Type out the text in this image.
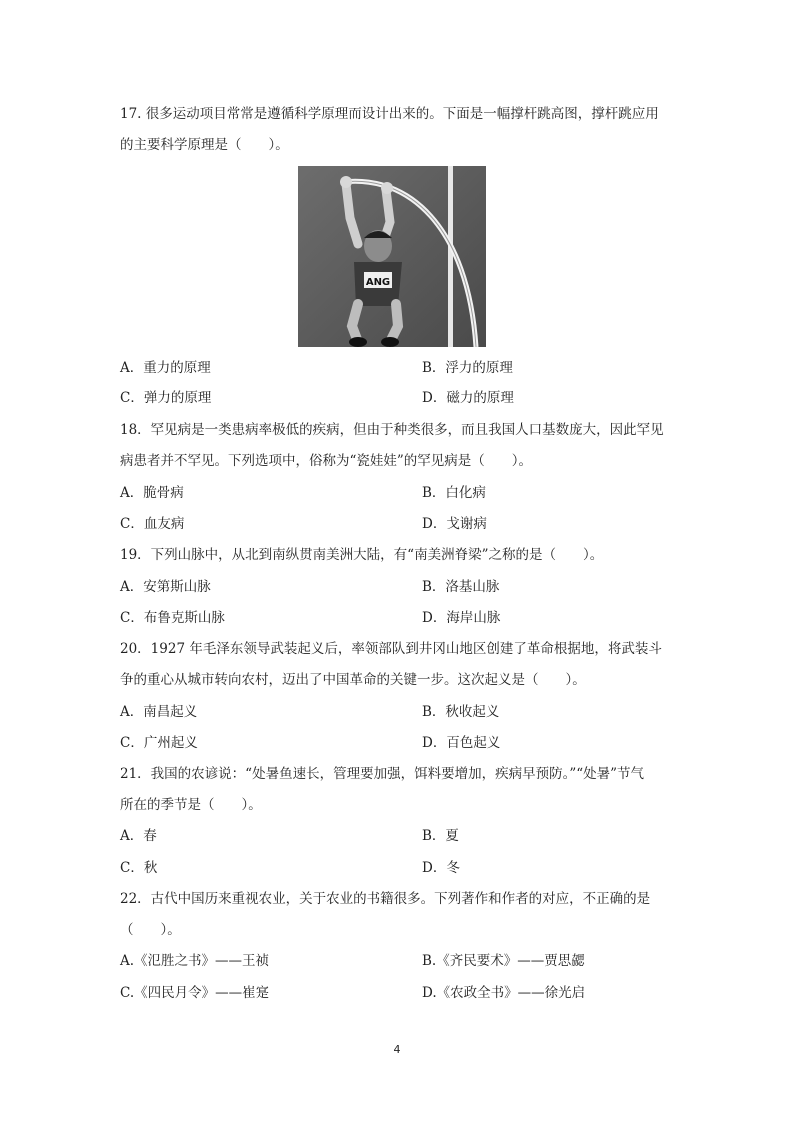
17. 很多运动项目常常是遵循科学原理而设计出来的。下面是一幅撑杆跳高图，撑杆跳应用
的主要科学原理是（　　）。
ANG
A．重力的原理	B．浮力的原理
C．弹力的原理	D．磁力的原理
18．罕见病是一类患病率极低的疾病，但由于种类很多，而且我国人口基数庞大，因此罕见
病患者并不罕见。下列选项中，俗称为“瓷娃娃”的罕见病是（　　）。
A．脆骨病	B．白化病
C．血友病	D．戈谢病
19．下列山脉中，从北到南纵贯南美洲大陆，有“南美洲脊梁”之称的是（　　）。
A．安第斯山脉	B．洛基山脉
C．布鲁克斯山脉	D．海岸山脉
20．1927 年毛泽东领导武装起义后，率领部队到井冈山地区创建了革命根据地，将武装斗
争的重心从城市转向农村，迈出了中国革命的关键一步。这次起义是（　　）。
A．南昌起义	B．秋收起义
C．广州起义	D．百色起义
21．我国的农谚说：“处暑鱼速长，管理要加强，饵料要增加，疾病早预防。”“处暑”节气
所在的季节是（　　）。
A．春	B．夏
C．秋	D．冬
22．古代中国历来重视农业，关于农业的书籍很多。下列著作和作者的对应，不正确的是
（　　）。
A.《氾胜之书》——王祯	B.《齐民要术》——贾思勰
C.《四民月令》——崔寔	D.《农政全书》——徐光启
4
